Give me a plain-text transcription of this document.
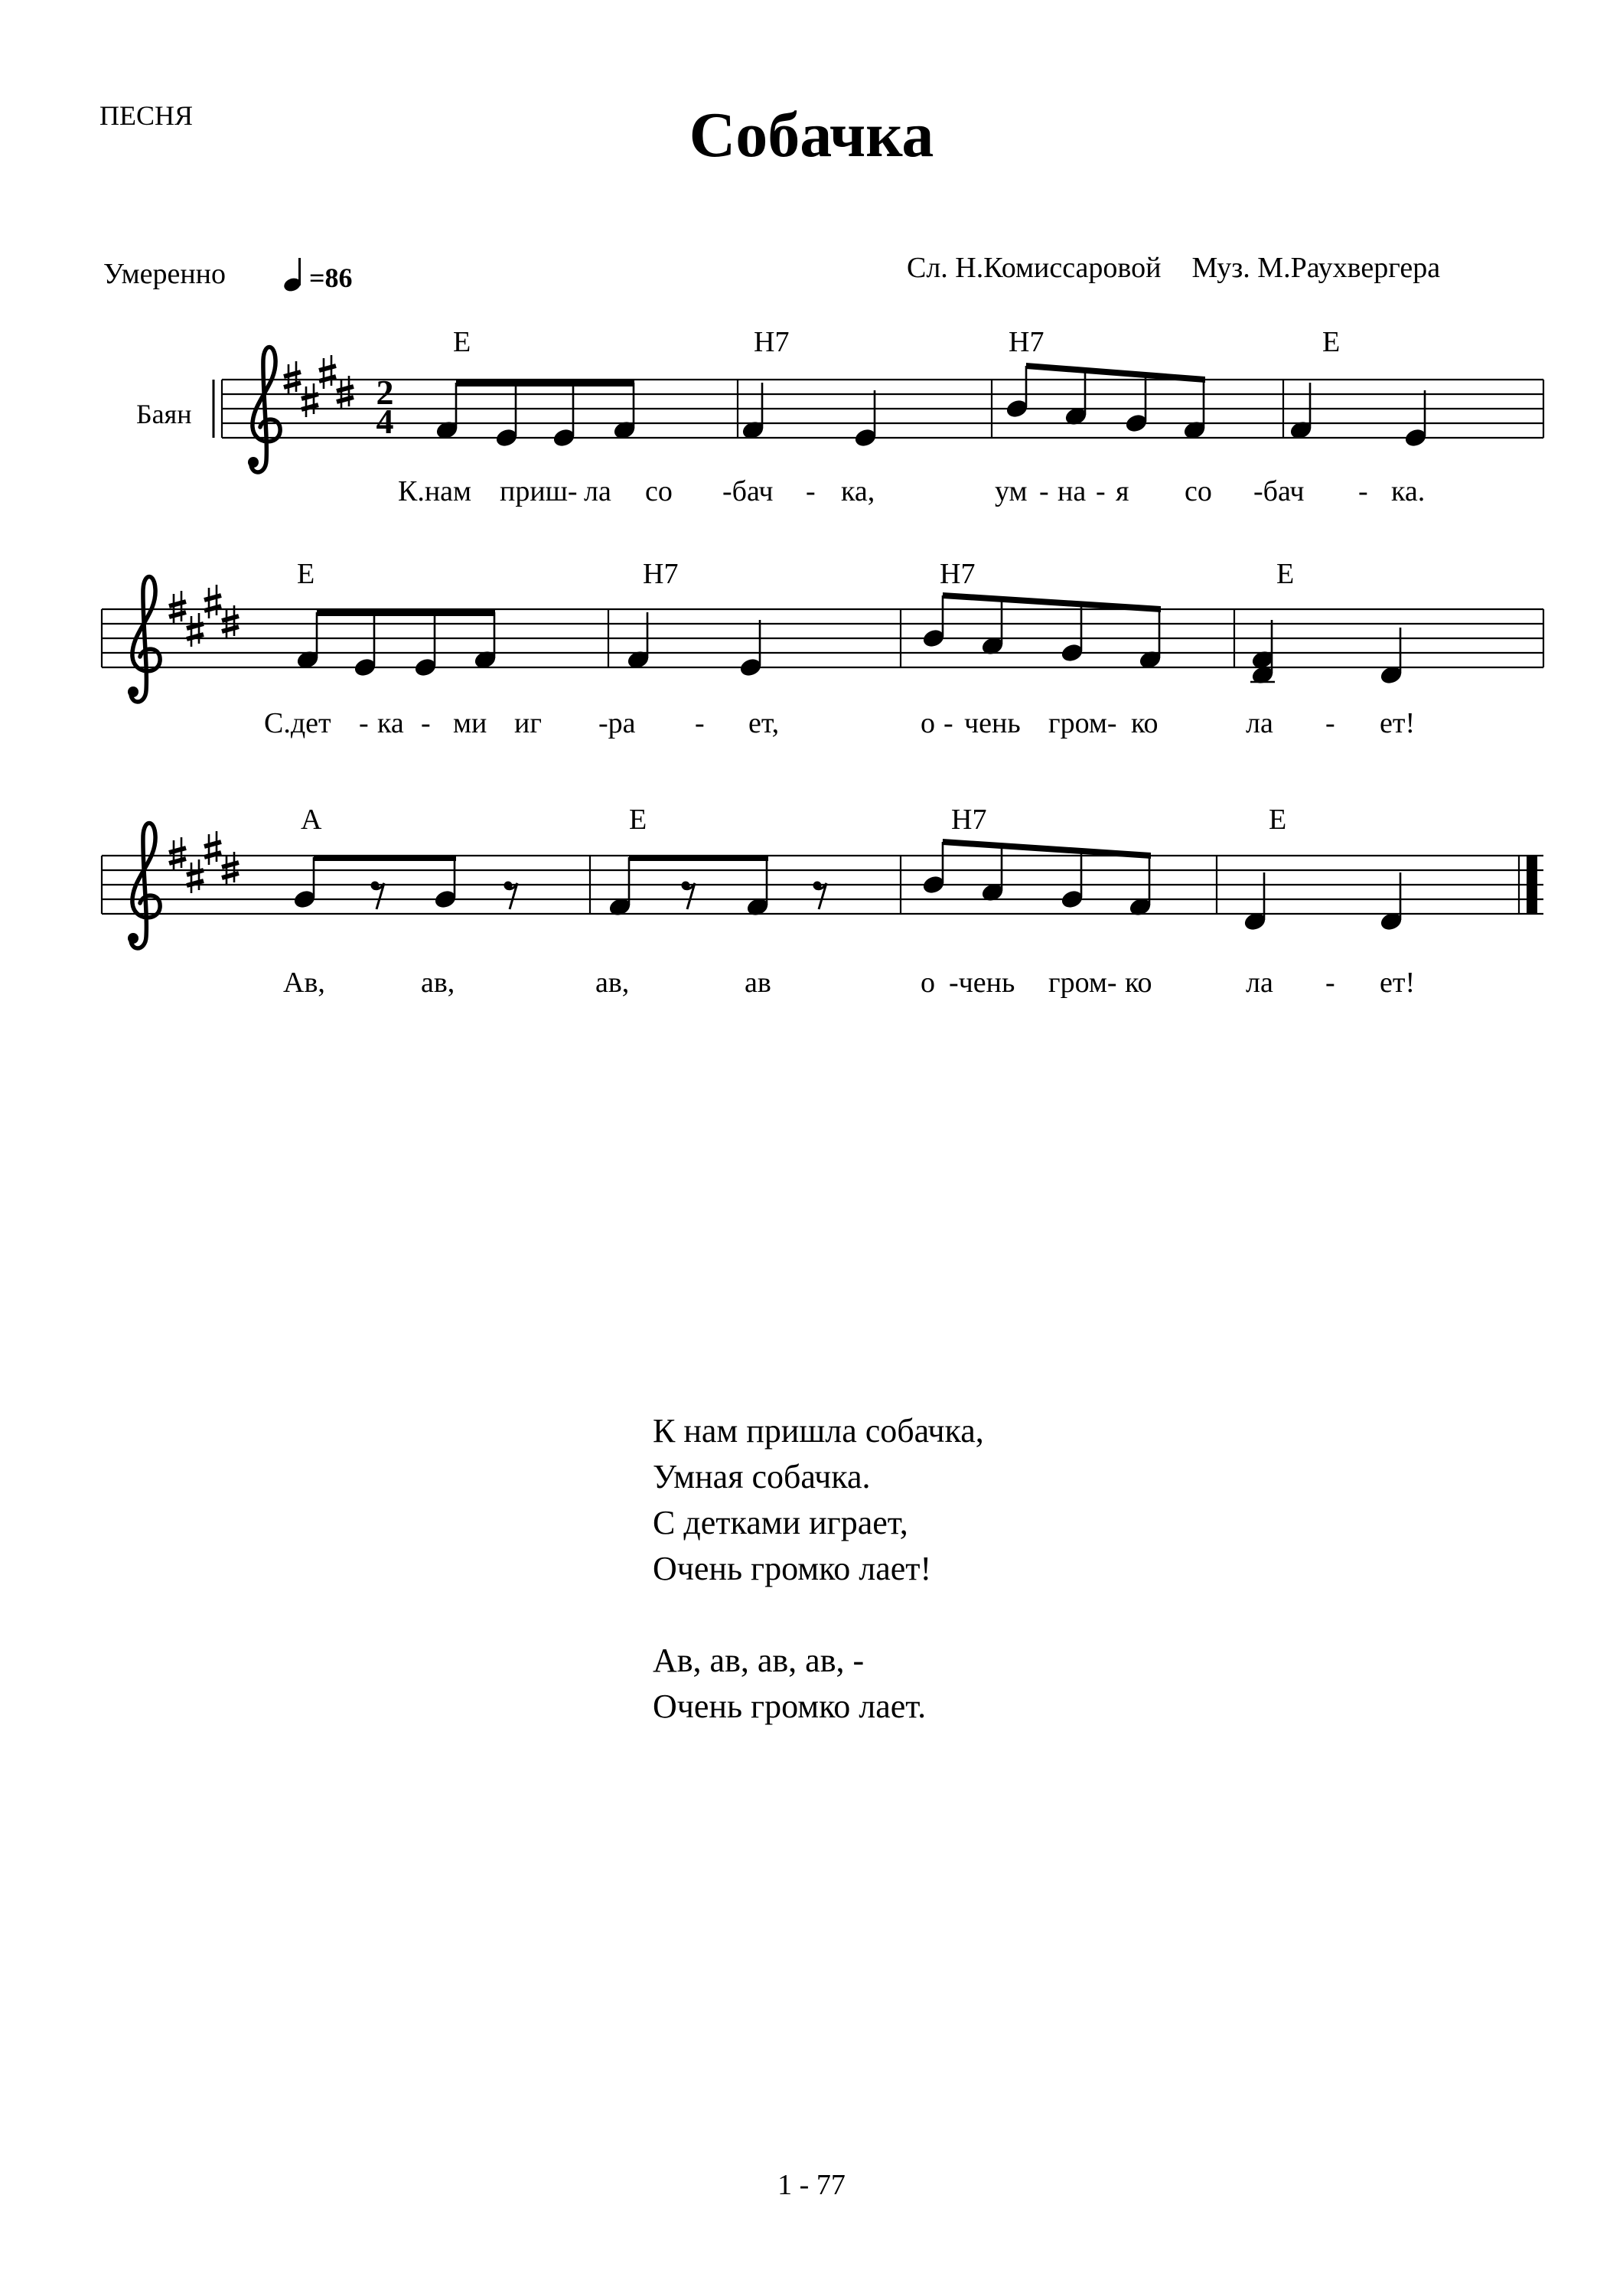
ПЕСНЯ	Собачка
Умеренно	=86	Сл. Н.Комиссаровой Муз. М.Раухвергера
Баян
E	H7	H7	E
E	H7	H7	E
A	E	H7	E
К.нам приш- ла со -бач - ка,	ум - на - я со -бач - ка.
С.дет - ка - ми иг -ра - ет,	о - чень гром- ко	ла - ет!
Ав,	ав,	ав,	ав	о -чень гром- ко	ла - ет!
2
4
К нам пришла собачка,
Умная собачка.
С детками играет,
Очень громко лает!
Ав, ав, ав, ав, -
Очень громко лает.
1 - 77
